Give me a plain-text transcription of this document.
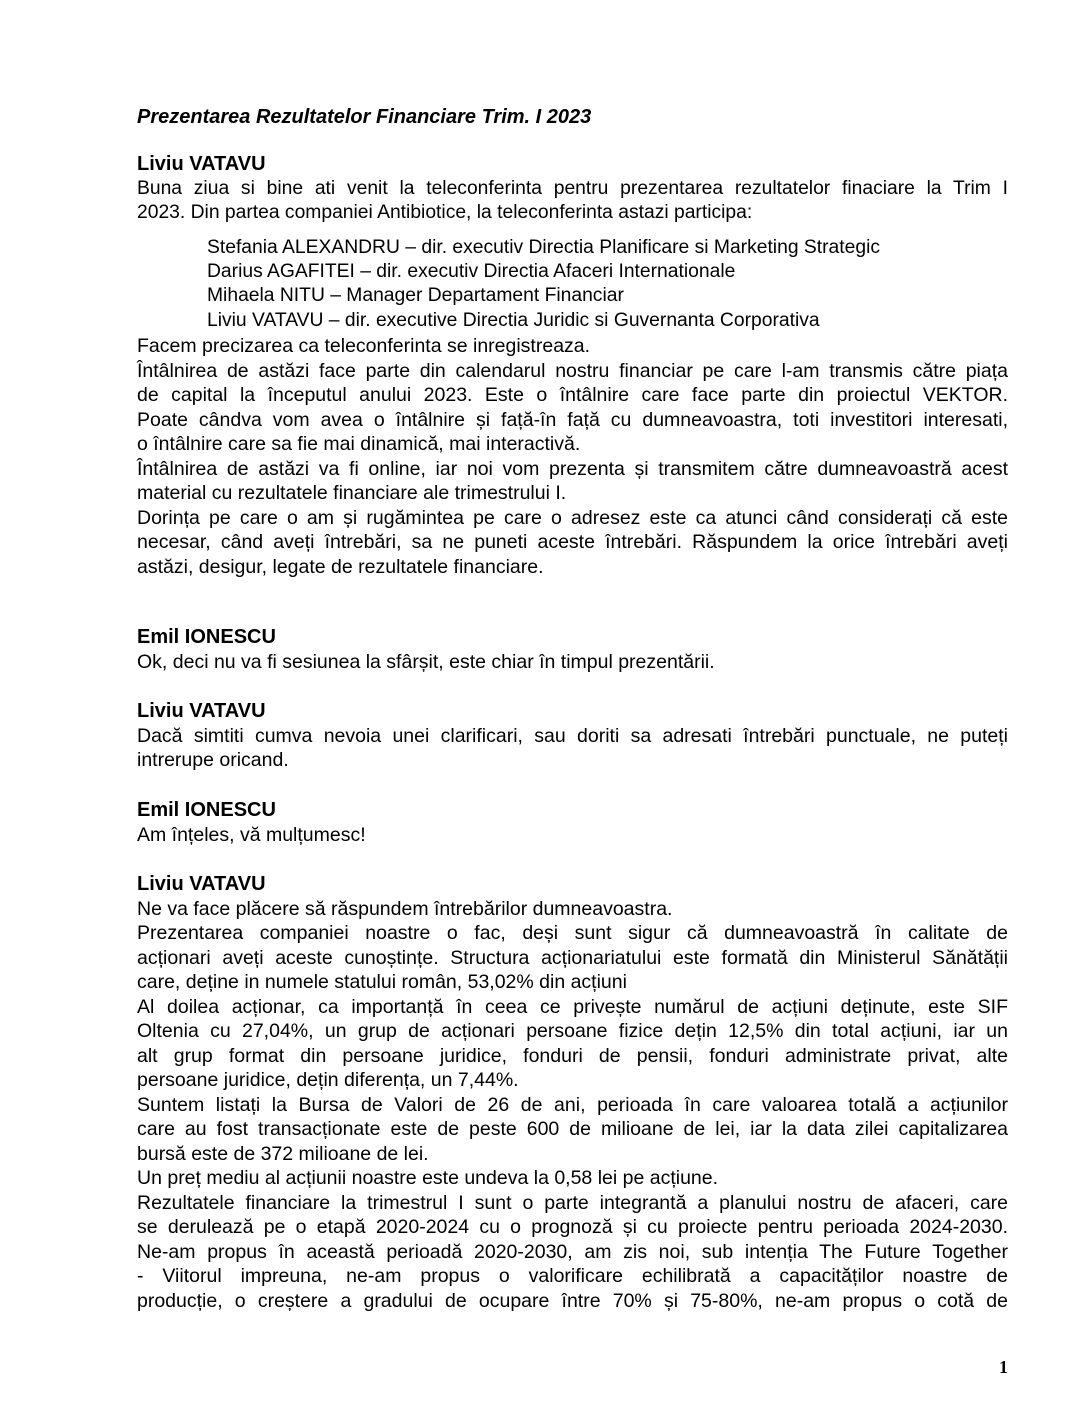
Prezentarea Rezultatelor Financiare Trim. I 2023
Liviu VATAVU
Buna ziua si bine ati venit la teleconferinta pentru prezentarea rezultatelor finaciare la Trim I
2023. Din partea companiei Antibiotice, la teleconferinta astazi participa:
Stefania ALEXANDRU – dir. executiv Directia Planificare si Marketing Strategic
Darius AGAFITEI – dir. executiv Directia Afaceri Internationale
Mihaela NITU – Manager Departament Financiar
Liviu VATAVU – dir. executive Directia Juridic si Guvernanta Corporativa
Facem precizarea ca teleconferinta se inregistreaza.
Întâlnirea de astăzi face parte din calendarul nostru financiar pe care l-am transmis către piața
de capital la începutul anului 2023. Este o întâlnire care face parte din proiectul VEKTOR.
Poate cândva vom avea o întâlnire și față-în față cu dumneavoastra, toti investitori interesati,
o întâlnire care sa fie mai dinamică, mai interactivă.
Întâlnirea de astăzi va fi online, iar noi vom prezenta și transmitem către dumneavoastră acest
material cu rezultatele financiare ale trimestrului I.
Dorința pe care o am și rugămintea pe care o adresez este ca atunci când considerați că este
necesar, când aveți întrebări, sa ne puneti aceste întrebări. Răspundem la orice întrebări aveți
astăzi, desigur, legate de rezultatele financiare.
Emil IONESCU
Ok, deci nu va fi sesiunea la sfârșit, este chiar în timpul prezentării.
Liviu VATAVU
Dacă simtiti cumva nevoia unei clarificari, sau doriti sa adresati întrebări punctuale, ne puteți
intrerupe oricand.
Emil IONESCU
Am înțeles, vă mulțumesc!
Liviu VATAVU
Ne va face plăcere să răspundem întrebărilor dumneavoastra.
Prezentarea companiei noastre o fac, deși sunt sigur că dumneavoastră în calitate de
acționari aveți aceste cunoștințe. Structura acționariatului este formată din Ministerul Sănătății
care, deține in numele statului român, 53,02% din acțiuni
Al doilea acționar, ca importanță în ceea ce privește numărul de acțiuni deținute, este SIF
Oltenia cu 27,04%, un grup de acționari persoane fizice dețin 12,5% din total acțiuni, iar un
alt grup format din persoane juridice, fonduri de pensii, fonduri administrate privat, alte
persoane juridice, dețin diferența, un 7,44%.
Suntem listați la Bursa de Valori de 26 de ani, perioada în care valoarea totală a acțiunilor
care au fost transacționate este de peste 600 de milioane de lei, iar la data zilei capitalizarea
bursă este de 372 milioane de lei.
Un preț mediu al acțiunii noastre este undeva la 0,58 lei pe acțiune.
Rezultatele financiare la trimestrul I sunt o parte integrantă a planului nostru de afaceri, care
se derulează pe o etapă 2020-2024 cu o prognoză și cu proiecte pentru perioada 2024-2030.
Ne-am propus în această perioadă 2020-2030, am zis noi, sub intenția The Future Together
- Viitorul impreuna, ne-am propus o valorificare echilibrată a capacităților noastre de
producție, o creștere a gradului de ocupare între 70% și 75-80%, ne-am propus o cotă de
1
